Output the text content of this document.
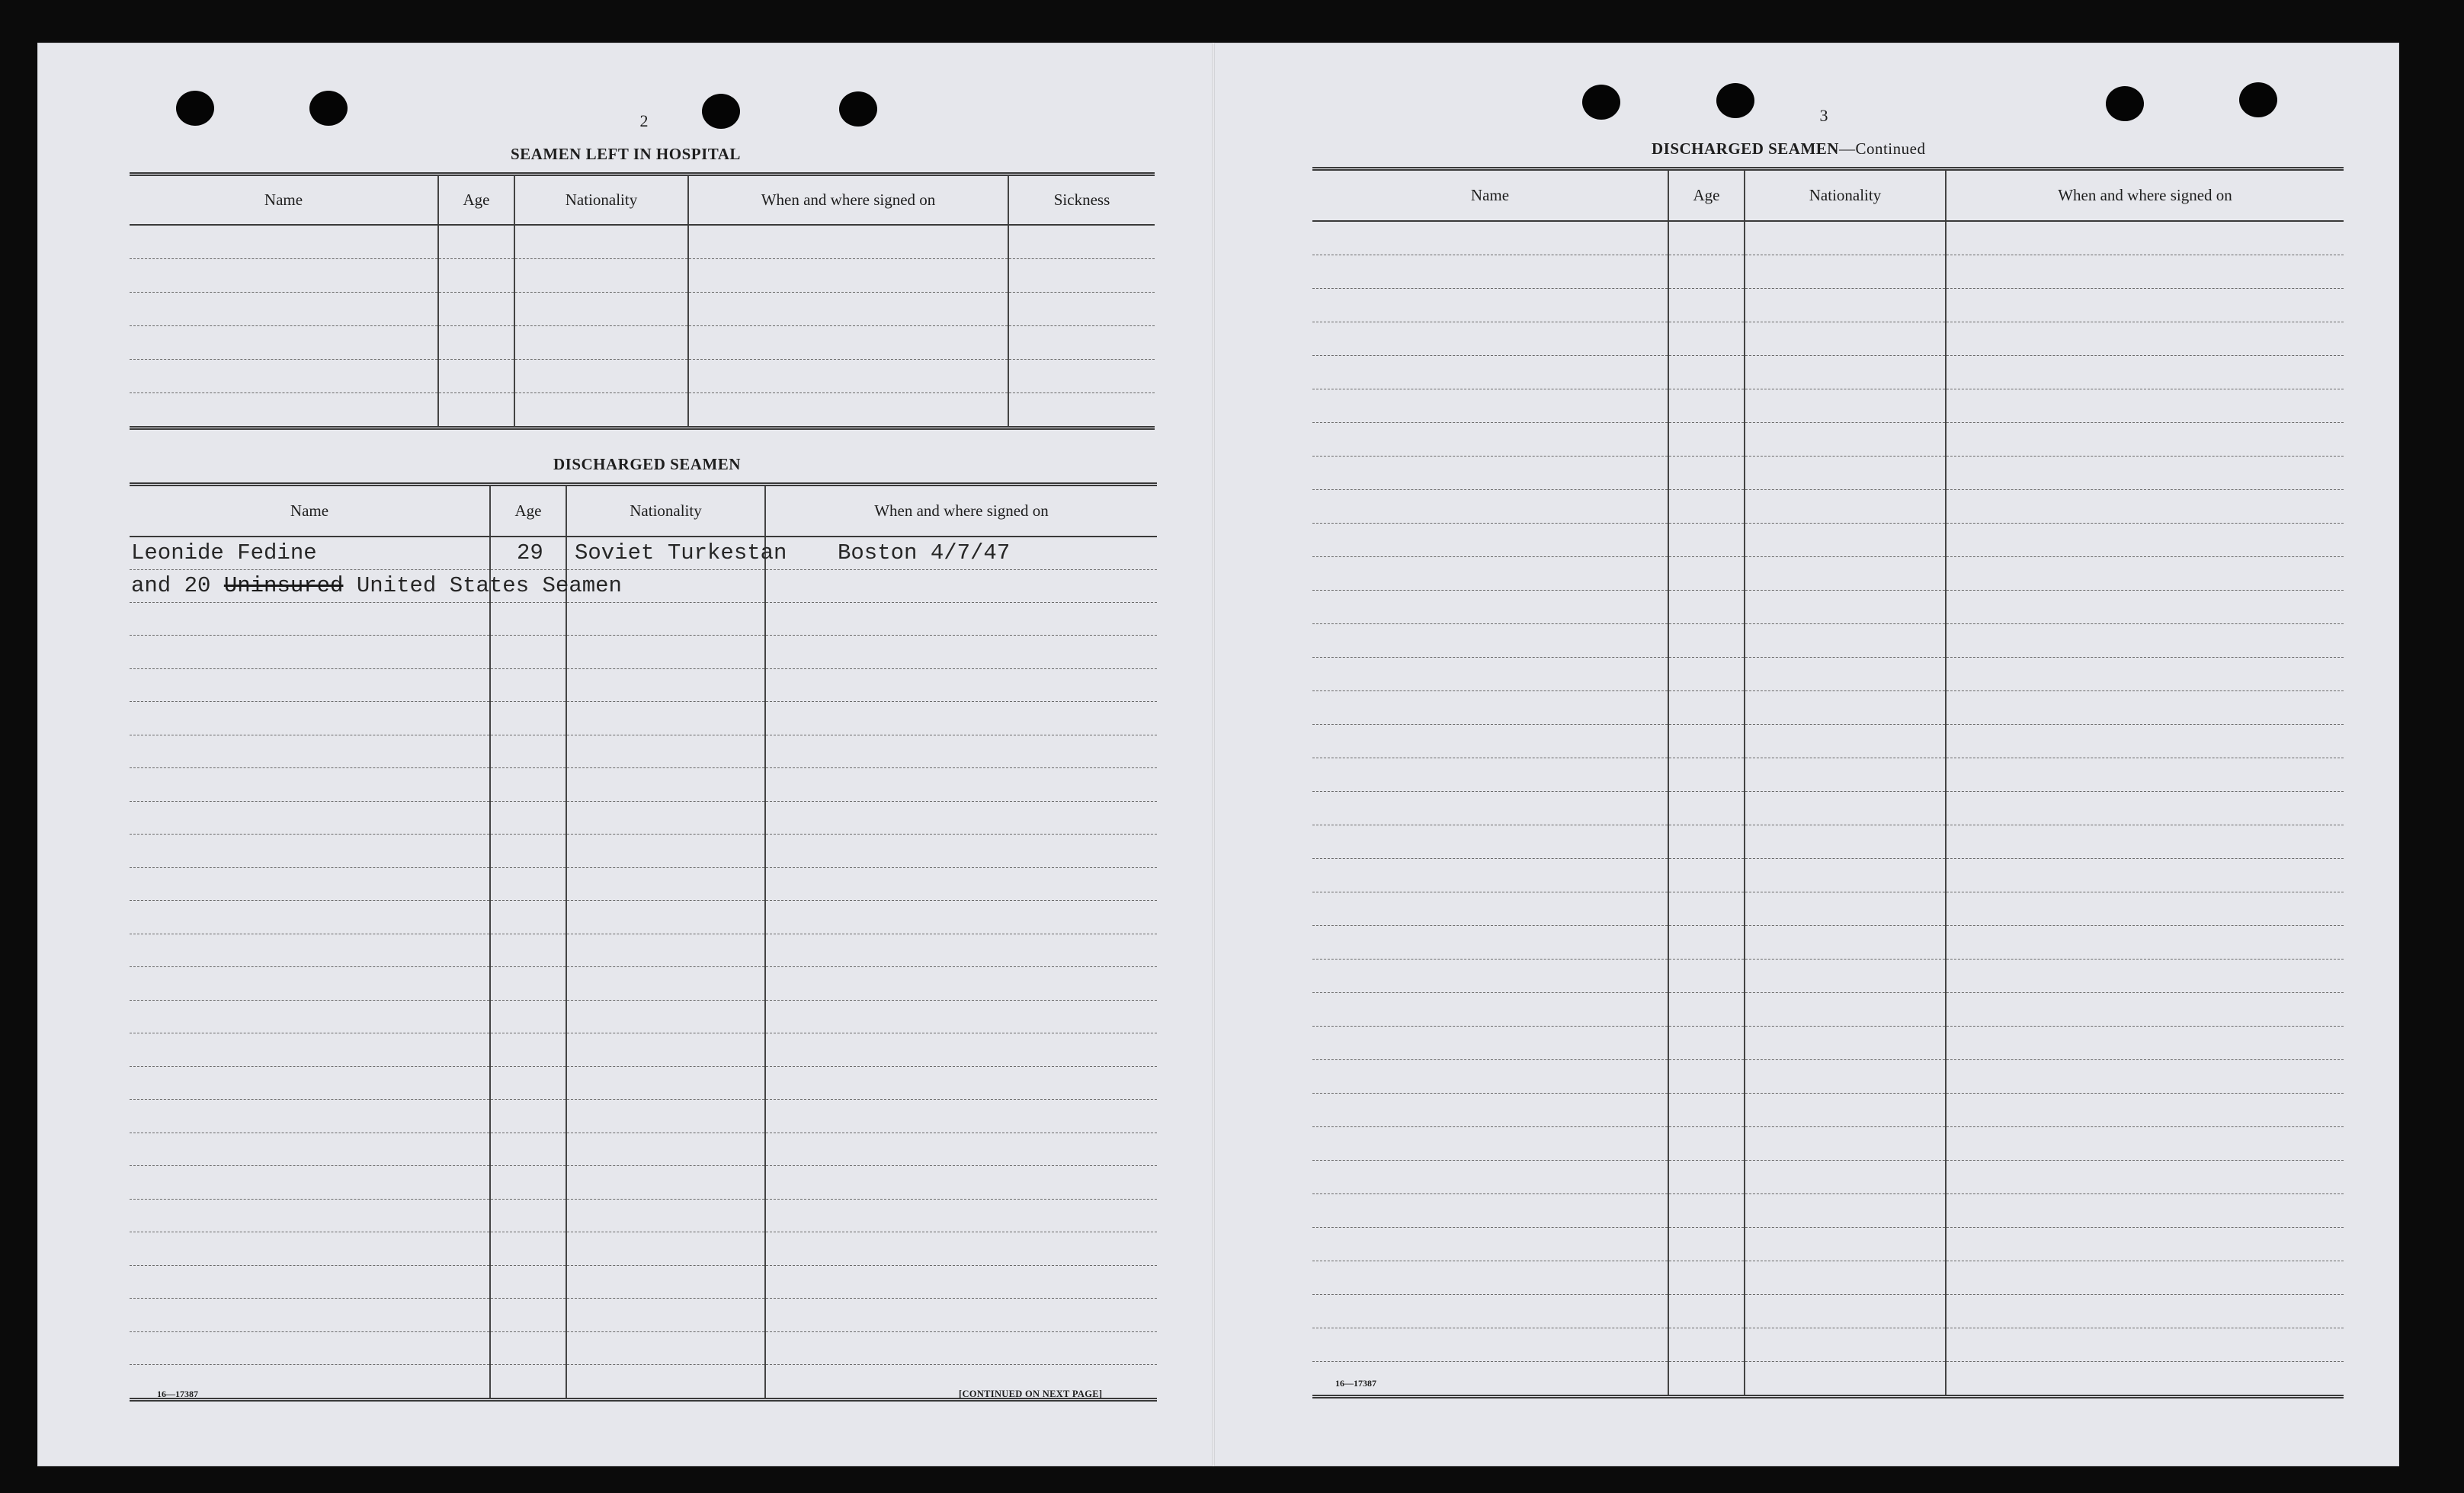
2
SEAMEN LEFT IN HOSPITAL
Name	Age	Nationality	When and where signed on	Sickness

DISCHARGED SEAMEN
Name	Age	Nationality	When and where signed on

Leonide Fedine	29	Soviet Turkestan	Boston 4/7/47

and 20 Uninsured United States Seamen			

16—17387	[CONTINUED ON NEXT PAGE]
3
DISCHARGED SEAMEN—Continued
Name	Age	Nationality	When and where signed on

16—17387
